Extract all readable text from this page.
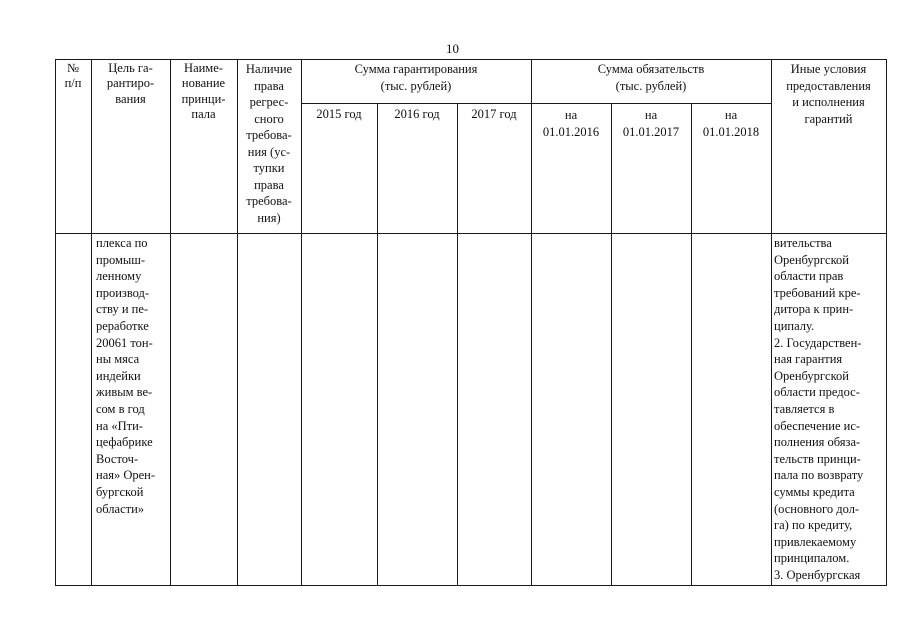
10
№
п/п
Цель га-
рантиро-
вания
Наиме-
нование
принци-
пала
Наличие
права
регрес-
сного
требова-
ния (ус-
тупки
права
требова-
ния)
Сумма гарантирования
(тыс. рублей)
2015 год	2016 год	2017 год
Сумма обязательств
(тыс. рублей)
на
01.01.2016
на
01.01.2017
на
01.01.2018
Иные условия
предоставления
и исполнения
гарантий
плекса по
промыш-
ленному
производ-
ству и пе-
реработке
20061 тон-
ны мяса
индейки
живым ве-
сом в год
на «Пти-
цефабрике
Восточ-
ная» Орен-
бургской
области»
вительства
Оренбургской
области прав
требований кре-
дитора к прин-
ципалу.
2. Государствен-
ная гарантия
Оренбургской
области предос-
тавляется в
обеспечение ис-
полнения обяза-
тельств принци-
пала по возврату
суммы кредита
(основного дол-
га) по кредиту,
привлекаемому
принципалом.
3. Оренбургская
